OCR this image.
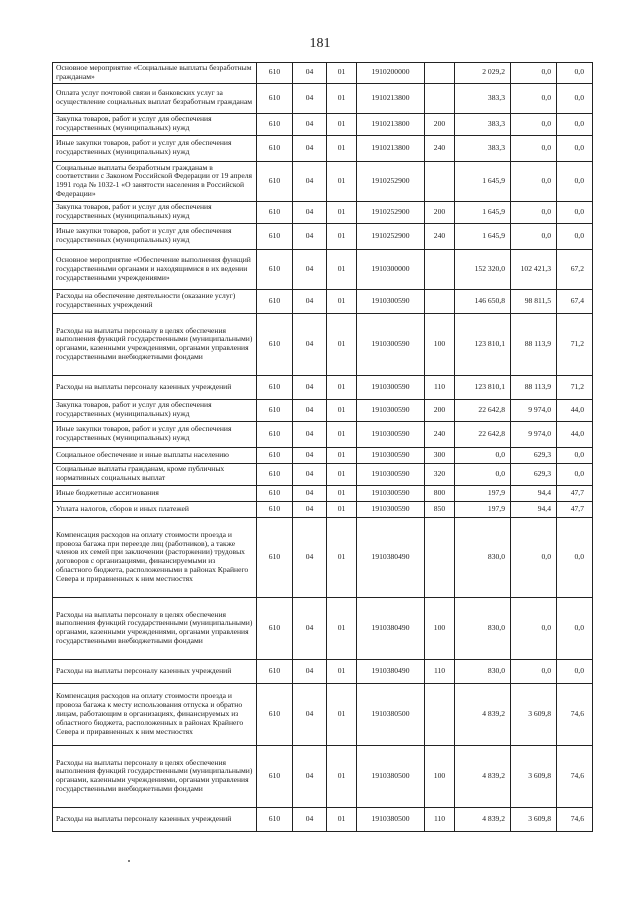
181
Основное мероприятие «Социальные выплаты безработным гражданам»	610	04	01	1910200000		2 029,2	0,0	0,0
Оплата услуг почтовой связи и банковских услуг за осуществление социальных выплат безработным гражданам	610	04	01	1910213800		383,3	0,0	0,0
Закупка товаров, работ и услуг для обеспечения государственных (муниципальных) нужд	610	04	01	1910213800	200	383,3	0,0	0,0
Иные закупки товаров, работ и услуг для обеспечения государственных (муниципальных) нужд	610	04	01	1910213800	240	383,3	0,0	0,0
Социальные выплаты безработным гражданам в соответствии с Законом Российской Федерации от 19 апреля 1991 года № 1032-1 «О занятости населения в Российской Федерации»	610	04	01	1910252900		1 645,9	0,0	0,0
Закупка товаров, работ и услуг для обеспечения государственных (муниципальных) нужд	610	04	01	1910252900	200	1 645,9	0,0	0,0
Иные закупки товаров, работ и услуг для обеспечения государственных (муниципальных) нужд	610	04	01	1910252900	240	1 645,9	0,0	0,0
Основное мероприятие «Обеспечение выполнения функций государственными органами и находящимися в их ведении государственными учреждениями»	610	04	01	1910300000		152 320,0	102 421,3	67,2
Расходы на обеспечение деятельности (оказание услуг) государственных учреждений	610	04	01	1910300590		146 650,8	98 811,5	67,4
Расходы на выплаты персоналу в целях обеспечения выполнения функций государственными (муниципальными) органами, казенными учреждениями, органами управления государственными внебюджетными фондами	610	04	01	1910300590	100	123 810,1	88 113,9	71,2
Расходы на выплаты персоналу казенных учреждений	610	04	01	1910300590	110	123 810,1	88 113,9	71,2
Закупка товаров, работ и услуг для обеспечения государственных (муниципальных) нужд	610	04	01	1910300590	200	22 642,8	9 974,0	44,0
Иные закупки товаров, работ и услуг для обеспечения государственных (муниципальных) нужд	610	04	01	1910300590	240	22 642,8	9 974,0	44,0
Социальное обеспечение и иные выплаты населению	610	04	01	1910300590	300	0,0	629,3	0,0
Социальные выплаты гражданам, кроме публичных нормативных социальных выплат	610	04	01	1910300590	320	0,0	629,3	0,0
Иные бюджетные ассигнования	610	04	01	1910300590	800	197,9	94,4	47,7
Уплата налогов, сборов и иных платежей	610	04	01	1910300590	850	197,9	94,4	47,7
Компенсация расходов на оплату стоимости проезда и провоза багажа при переезде лиц (работников), а также членов их семей при заключении (расторжении) трудовых договоров с организациями, финансируемыми из областного бюджета, расположенными в районах Крайнего Севера и приравненных к ним местностях	610	04	01	1910380490		830,0	0,0	0,0
Расходы на выплаты персоналу в целях обеспечения выполнения функций государственными (муниципальными) органами, казенными учреждениями, органами управления государственными внебюджетными фондами	610	04	01	1910380490	100	830,0	0,0	0,0
Расходы на выплаты персоналу казенных учреждений	610	04	01	1910380490	110	830,0	0,0	0,0
Компенсация расходов на оплату стоимости проезда и провоза багажа к месту использования отпуска и обратно лицам, работающим в организациях, финансируемых из областного бюджета, расположенных в районах Крайнего Севера и приравненных к ним местностях	610	04	01	1910380500		4 839,2	3 609,8	74,6
Расходы на выплаты персоналу в целях обеспечения выполнения функций государственными (муниципальными) органами, казенными учреждениями, органами управления государственными внебюджетными фондами	610	04	01	1910380500	100	4 839,2	3 609,8	74,6
Расходы на выплаты персоналу казенных учреждений	610	04	01	1910380500	110	4 839,2	3 609,8	74,6
